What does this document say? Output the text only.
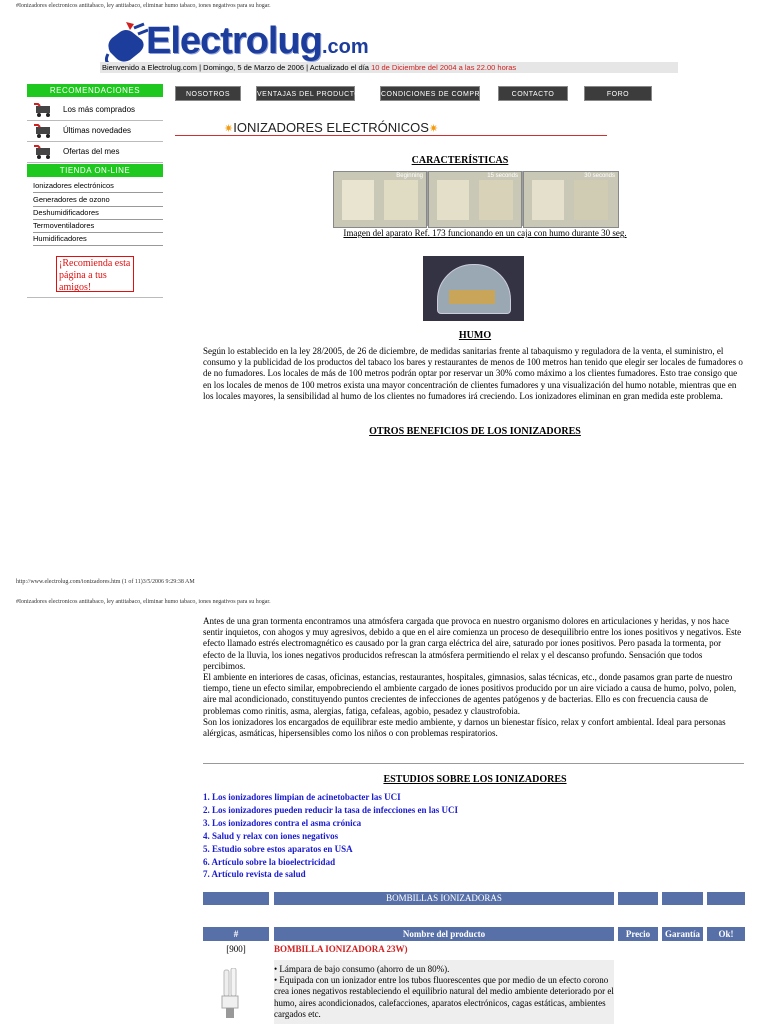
#Ionizadores electronicos antitabaco, ley antitabaco, eliminar humo tabaco, iones negativos para su hogar.
Electrolug .com
Bienvenido a Electrolug.com | Domingo, 5 de Marzo de 2006 | Actualizado el día 10 de Diciembre del 2004 a las 22.00 horas
RECOMENDACIONES
Los más comprados
Últimas novedades
Ofertas del mes
TIENDA ON-LINE
Ionizadores electrónicos
Generadores de ozono
Deshumidificadores
Termoventiladores
Humidificadores
¡Recomienda esta página a tus amigos!
NOSOTROS	VENTAJAS DEL PRODUCTO	CONDICIONES DE COMPRA	CONTACTO	FORO
✷IONIZADORES ELECTRÓNICOS✷
CARACTERÍSTICAS
Beginning	15 seconds	30 seconds
Imagen del aparato Ref. 173 funcionando en un caja con humo durante 30 seg.
HUMO
Según lo establecido en la ley 28/2005, de 26 de diciembre, de medidas sanitarias frente al tabaquismo y reguladora de la venta, el suministro, el consumo y la publicidad de los productos del tabaco los bares y restaurantes de menos de 100 metros han tenido que elegir ser locales de fumadores o de no fumadores. Los locales de más de 100 metros podrán optar por reservar un 30% como máximo a los clientes fumadores. Esto trae consigo que en los locales de menos de 100 metros exista una mayor concentración de clientes fumadores y una visualización del humo notable, mientras que en los locales mayores, la sensibilidad al humo de los clientes no fumadores irá creciendo. Los ionizadores eliminan en gran medida este problema.
OTROS BENEFICIOS DE LOS IONIZADORES
http://www.electrolug.com/ionizadores.htm (1 of 11)3/5/2006 9:29:38 AM
#Ionizadores electronicos antitabaco, ley antitabaco, eliminar humo tabaco, iones negativos para su hogar.
Antes de una gran tormenta encontramos una atmósfera cargada que provoca en nuestro organismo dolores en articulaciones y heridas, y nos hace sentir inquietos, con ahogos y muy agresivos, debido a que en el aire comienza un proceso de desequilibrio entre los iones positivos y negativos. Este efecto llamado estrés electromagnético es causado por la gran carga eléctrica del aire, saturado por iones positivos. Pero pasada la tormenta, por efecto de la lluvia, los iones negativos producidos refrescan la atmósfera permitiendo el relax y el descanso profundo. Sensación que todos percibimos.
El ambiente en interiores de casas, oficinas, estancias, restaurantes, hospitales, gimnasios, salas técnicas, etc., donde pasamos gran parte de nuestro tiempo, tiene un efecto similar, empobreciendo el ambiente cargado de iones positivos producido por un aire viciado a causa de humo, polvo, polen, aire mal acondicionado, constituyendo puntos crecientes de infecciones de agentes patógenos y de bacterias. Ello es con frecuencia causa de problemas como rinitis, asma, alergias, fatiga, cefaleas, agobio, pesadez y claustrofobia.
Son los ionizadores los encargados de equilibrar este medio ambiente, y darnos un bienestar físico, relax y confort ambiental. Ideal para personas alérgicas, asmáticas, hipersensibles como los niños o con problemas respiratorios.
ESTUDIOS SOBRE LOS IONIZADORES
1. Los ionizadores limpian de acinetobacter las UCI
2. Los ionizadores pueden reducir la tasa de infecciones en las UCI
3. Los ionizadores contra el asma crónica
4. Salud y relax con iones negativos
5. Estudio sobre estos aparatos en USA
6. Artículo sobre la bioelectricidad
7. Artículo revista de salud
BOMBILLAS IONIZADORAS
#	Nombre del producto	Precio	Garantía	Ok!
[900]	BOMBILLA IONIZADORA 23W)
• Lámpara de bajo consumo (ahorro de un 80%).
• Equipada con un ionizador entre los tubos fluorescentes que por medio de un efecto corono crea iones negativos restableciendo el equilibrio natural del medio ambiente deteriorado por el humo, aires acondicionados, calefacciones, aparatos electrónicos, cagas estáticas, ambientes cargados etc.
